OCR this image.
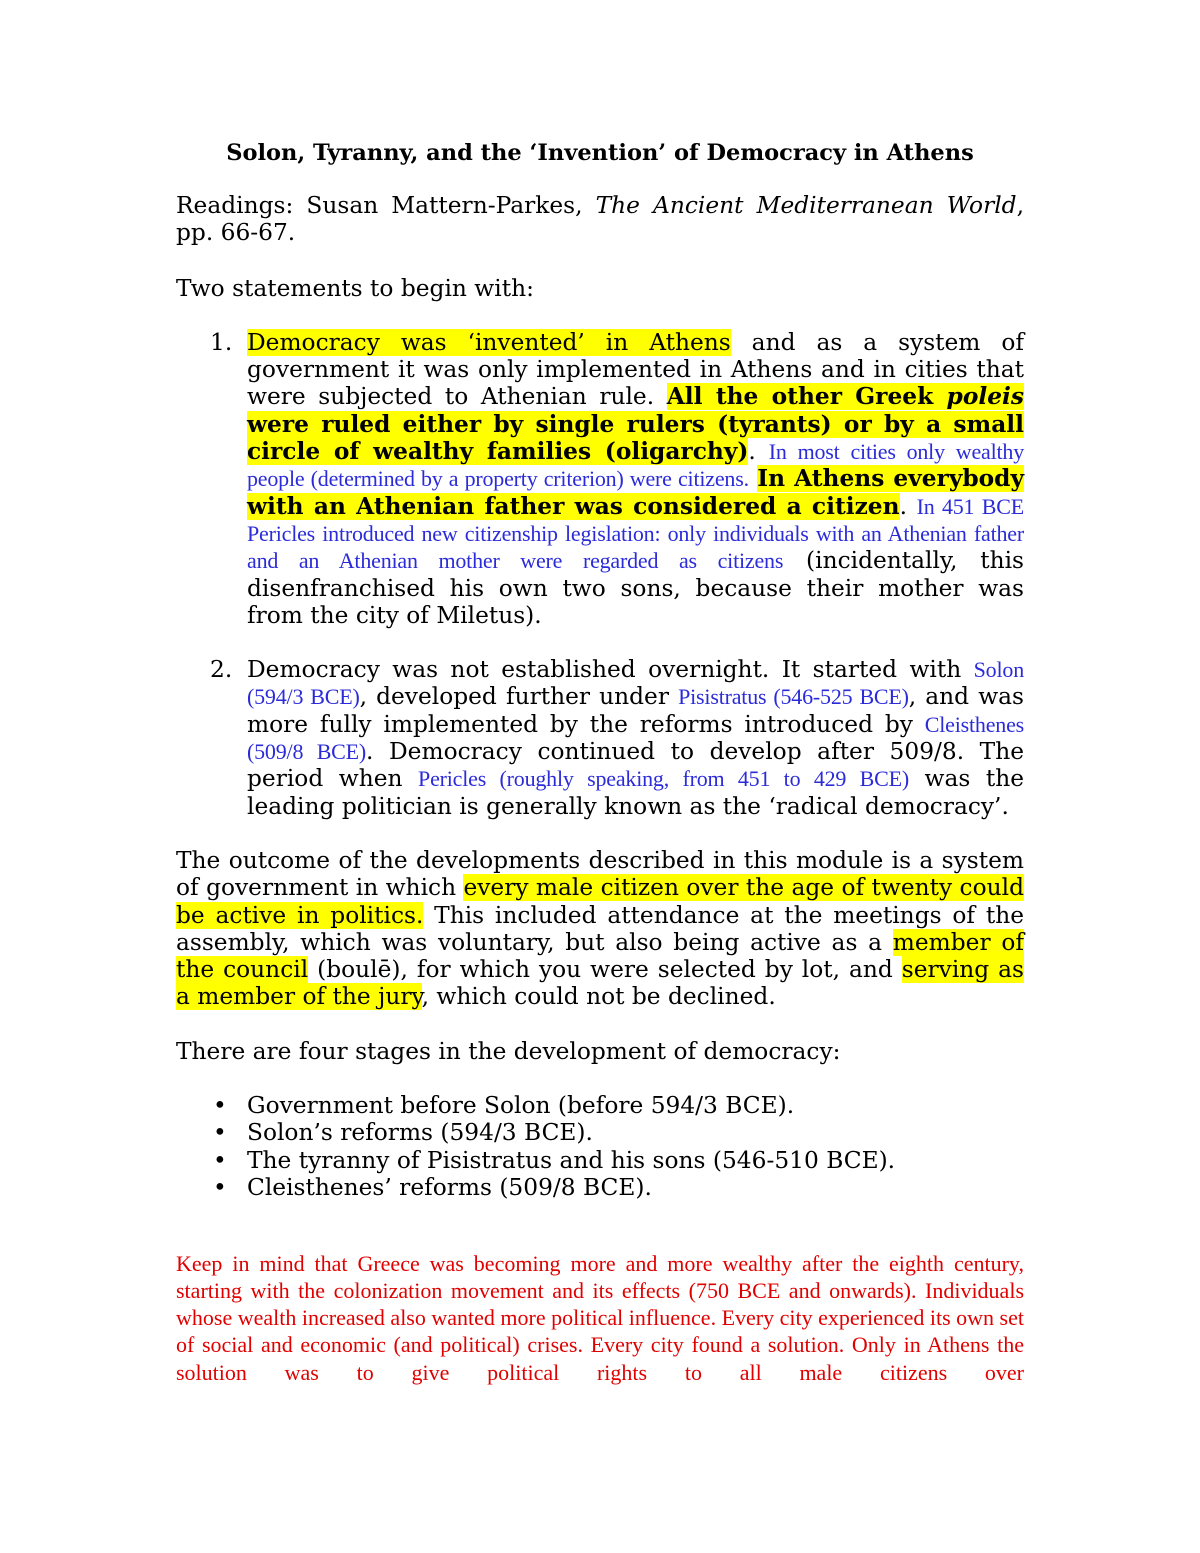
Solon, Tyranny, and the ‘Invention’ of Democracy in Athens

Readings: Susan Mattern-Parkes, The Ancient Mediterranean World, pp. 66-67.

Two statements to begin with:

1. Democracy was ‘invented’ in Athens and as a system of government it was only implemented in Athens and in cities that were subjected to Athenian rule. All the other Greek poleis were ruled either by single rulers (tyrants) or by a small circle of wealthy families (oligarchy). In most cities only wealthy people (determined by a property criterion) were citizens. In Athens everybody with an Athenian father was considered a citizen. In 451 BCE Pericles introduced new citizenship legislation: only individuals with an Athenian father and an Athenian mother were regarded as citizens (incidentally, this disenfranchised his own two sons, because their mother was from the city of Miletus).
2. Democracy was not established overnight. It started with Solon (594/3 BCE), developed further under Pisistratus (546-525 BCE), and was more fully implemented by the reforms introduced by Cleisthenes (509/8 BCE). Democracy continued to develop after 509/8. The period when Pericles (roughly speaking, from 451 to 429 BCE) was the leading politician is generally known as the ‘radical democracy’.

The outcome of the developments described in this module is a system of government in which every male citizen over the age of twenty could be active in politics. This included attendance at the meetings of the assembly, which was voluntary, but also being active as a member of the council (boulē), for which you were selected by lot, and serving as a member of the jury, which could not be declined.

There are four stages in the development of democracy:

• Government before Solon (before 594/3 BCE).
• Solon’s reforms (594/3 BCE).
• The tyranny of Pisistratus and his sons (546-510 BCE).
• Cleisthenes’ reforms (509/8 BCE).

Keep in mind that Greece was becoming more and more wealthy after the eighth century, starting with the colonization movement and its effects (750 BCE and onwards). Individuals whose wealth increased also wanted more political influence. Every city experienced its own set of social and economic (and political) crises. Every city found a solution. Only in Athens the solution was to give political rights to all male citizens over
